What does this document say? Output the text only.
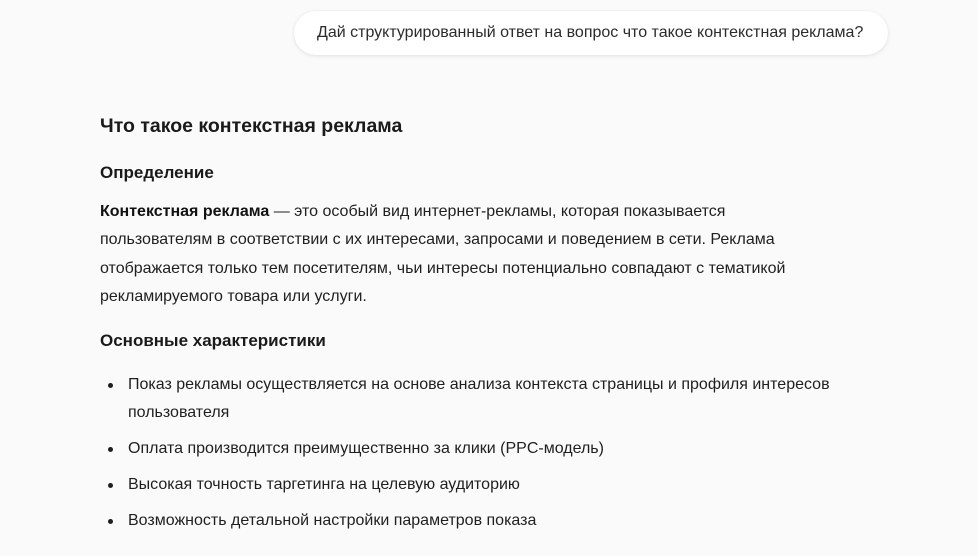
Дай структурированный ответ на вопрос что такое контекстная реклама?
Что такое контекстная реклама
Определение
Контекстная реклама — это особый вид интернет-рекламы, которая показывается пользователям в соответствии с их интересами, запросами и поведением в сети. Реклама отображается только тем посетителям, чьи интересы потенциально совпадают с тематикой рекламируемого товара или услуги.
Основные характеристики
Показ рекламы осуществляется на основе анализа контекста страницы и профиля интересов пользователя
Оплата производится преимущественно за клики (PPC-модель)
Высокая точность таргетинга на целевую аудиторию
Возможность детальной настройки параметров показа
